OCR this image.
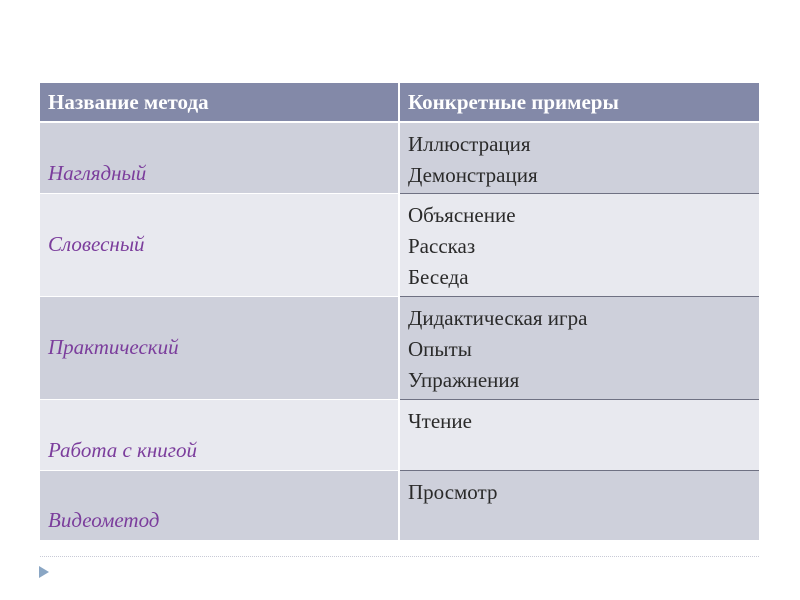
Название метода	Конкретные примеры
Наглядный	Иллюстрация
Демонстрация

Словесный	Объяснение
Рассказ
Беседа

Практический	Дидактическая игра
Опыты
Упражнения

Работа с книгой	Чтение

Видеометод	Просмотр
